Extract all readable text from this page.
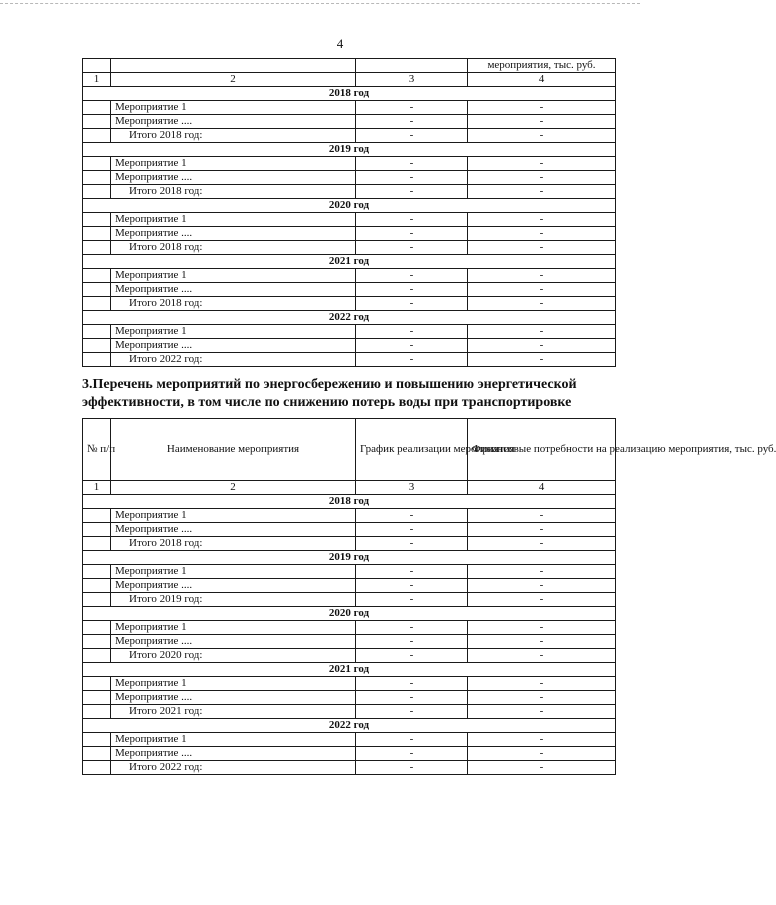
4
			мероприятия, тыс. руб.
1	2	3	4
2018 год			
	Мероприятие 1	-	-
	Мероприятие ....	-	-
	Итого 2018 год:	-	-
2019 год			
	Мероприятие 1	-	-
	Мероприятие ....	-	-
	Итого 2018 год:	-	-
2020 год			
	Мероприятие 1	-	-
	Мероприятие ....	-	-
	Итого 2018 год:	-	-
2021 год			
	Мероприятие 1	-	-
	Мероприятие ....	-	-
	Итого 2018 год:	-	-
2022 год			
	Мероприятие 1	-	-
	Мероприятие ....	-	-
	Итого 2022 год:	-	-
3.Перечень мероприятий по энергосбережению и повышению энергетической эффективности, в том числе по снижению потерь воды при транспортировке
№ п/п	Наименование мероприятия	График реализации мероприятия	Финансовые потребности на реализацию мероприятия, тыс. руб.
1	2	3	4
2018 год			
	Мероприятие 1	-	-
	Мероприятие ....	-	-
	Итого 2018 год:	-	-
2019 год			
	Мероприятие 1	-	-
	Мероприятие ....	-	-
	Итого 2019 год:	-	-
2020 год			
	Мероприятие 1	-	-
	Мероприятие ....	-	-
	Итого 2020 год:	-	-
2021 год			
	Мероприятие 1	-	-
	Мероприятие ....	-	-
	Итого 2021 год:	-	-
2022 год			
	Мероприятие 1	-	-
	Мероприятие ....	-	-
	Итого 2022 год:	-	-
